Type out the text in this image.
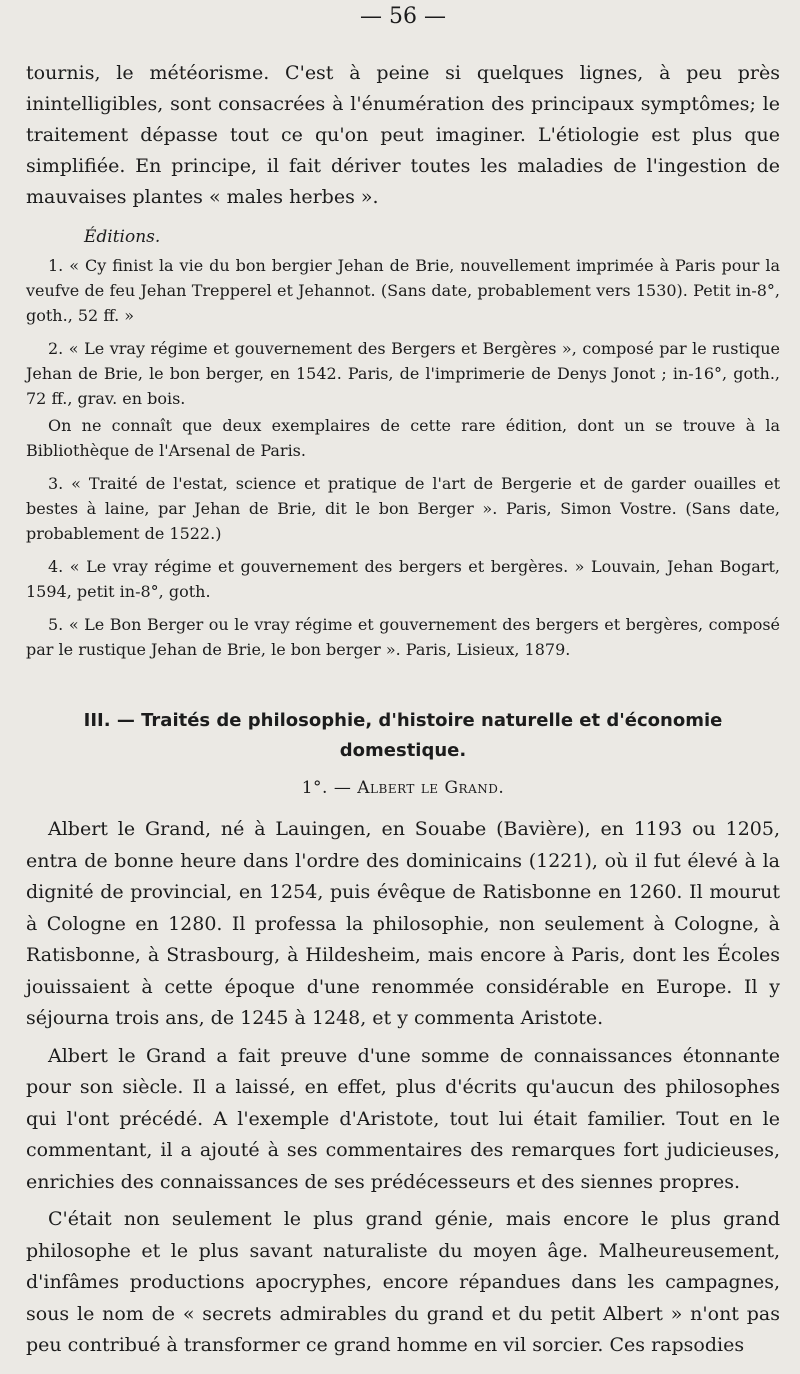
— 56 —

tournis, le météorisme. C'est à peine si quelques lignes, à peu près inintelligibles, sont consacrées à l'énumération des principaux symptômes; le traitement dépasse tout ce qu'on peut imaginer. L'étiologie est plus que simplifiée. En principe, il fait dériver toutes les maladies de l'ingestion de mauvaises plantes « males herbes ».

Éditions.

1. « Cy finist la vie du bon bergier Jehan de Brie, nouvellement imprimée à Paris pour la veufve de feu Jehan Trepperel et Jehannot. (Sans date, probablement vers 1530). Petit in-8°, goth., 52 ff. »

2. « Le vray régime et gouvernement des Bergers et Bergères », composé par le rustique Jehan de Brie, le bon berger, en 1542. Paris, de l'imprimerie de Denys Jonot ; in-16°, goth., 72 ff., grav. en bois.

On ne connaît que deux exemplaires de cette rare édition, dont un se trouve à la Bibliothèque de l'Arsenal de Paris.

3. « Traité de l'estat, science et pratique de l'art de Bergerie et de garder ouailles et bestes à laine, par Jehan de Brie, dit le bon Berger ». Paris, Simon Vostre. (Sans date, probablement de 1522.)

4. « Le vray régime et gouvernement des bergers et bergères. » Louvain, Jehan Bogart, 1594, petit in-8°, goth.

5. « Le Bon Berger ou le vray régime et gouvernement des bergers et bergères, composé par le rustique Jehan de Brie, le bon berger ». Paris, Lisieux, 1879.

III. — Traités de philosophie, d'histoire naturelle et d'économie domestique.
1°. — Albert le Grand.

Albert le Grand, né à Lauingen, en Souabe (Bavière), en 1193 ou 1205, entra de bonne heure dans l'ordre des dominicains (1221), où il fut élevé à la dignité de provincial, en 1254, puis évêque de Ratisbonne en 1260. Il mourut à Cologne en 1280. Il professa la philosophie, non seulement à Cologne, à Ratisbonne, à Strasbourg, à Hildesheim, mais encore à Paris, dont les Écoles jouissaient à cette époque d'une renommée considérable en Europe. Il y séjourna trois ans, de 1245 à 1248, et y commenta Aristote.

Albert le Grand a fait preuve d'une somme de connaissances étonnante pour son siècle. Il a laissé, en effet, plus d'écrits qu'aucun des philosophes qui l'ont précédé. A l'exemple d'Aristote, tout lui était familier. Tout en le commentant, il a ajouté à ses commentaires des remarques fort judicieuses, enrichies des connaissances de ses prédécesseurs et des siennes propres.

C'était non seulement le plus grand génie, mais encore le plus grand philosophe et le plus savant naturaliste du moyen âge. Malheureusement, d'infâmes productions apocryphes, encore répandues dans les campagnes, sous le nom de « secrets admirables du grand et du petit Albert » n'ont pas peu contribué à transformer ce grand homme en vil sorcier. Ces rapsodies
